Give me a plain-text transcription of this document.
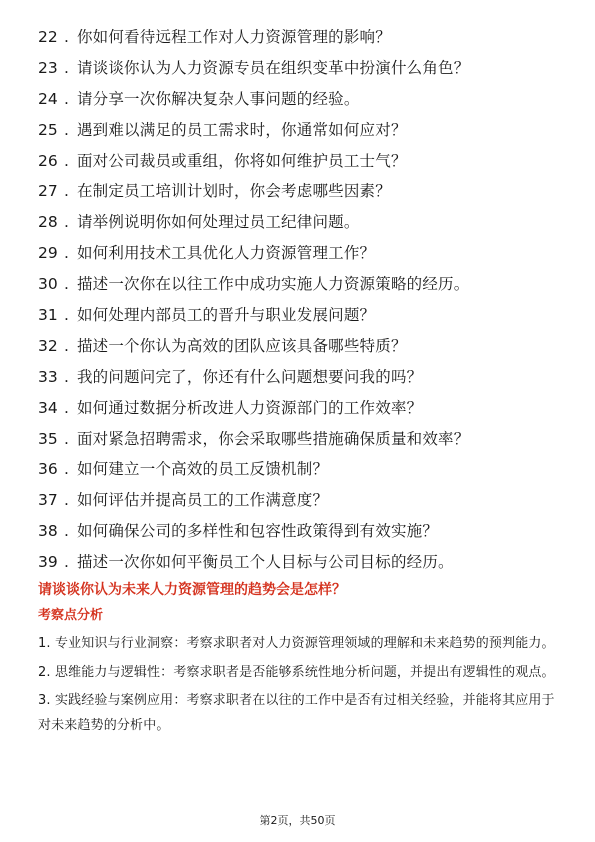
22 . 你如何看待远程工作对人力资源管理的影响？
23 . 请谈谈你认为人力资源专员在组织变革中扮演什么角色？
24 . 请分享一次你解决复杂人事问题的经验。
25 . 遇到难以满足的员工需求时，你通常如何应对？
26 . 面对公司裁员或重组，你将如何维护员工士气？
27 . 在制定员工培训计划时，你会考虑哪些因素？
28 . 请举例说明你如何处理过员工纪律问题。
29 . 如何利用技术工具优化人力资源管理工作？
30 . 描述一次你在以往工作中成功实施人力资源策略的经历。
31 . 如何处理内部员工的晋升与职业发展问题？
32 . 描述一个你认为高效的团队应该具备哪些特质？
33 . 我的问题问完了，你还有什么问题想要问我的吗？
34 . 如何通过数据分析改进人力资源部门的工作效率？
35 . 面对紧急招聘需求，你会采取哪些措施确保质量和效率？
36 . 如何建立一个高效的员工反馈机制？
37 . 如何评估并提高员工的工作满意度？
38 . 如何确保公司的多样性和包容性政策得到有效实施？
39 . 描述一次你如何平衡员工个人目标与公司目标的经历。

请谈谈你认为未来人力资源管理的趋势会是怎样？

考察点分析

1. 专业知识与行业洞察：考察求职者对人力资源管理领域的理解和未来趋势的预判能力。

2. 思维能力与逻辑性：考察求职者是否能够系统性地分析问题，并提出有逻辑性的观点。

3. 实践经验与案例应用：考察求职者在以往的工作中是否有过相关经验，并能将其应用于对未来趋势的分析中。

第2页，共50页
